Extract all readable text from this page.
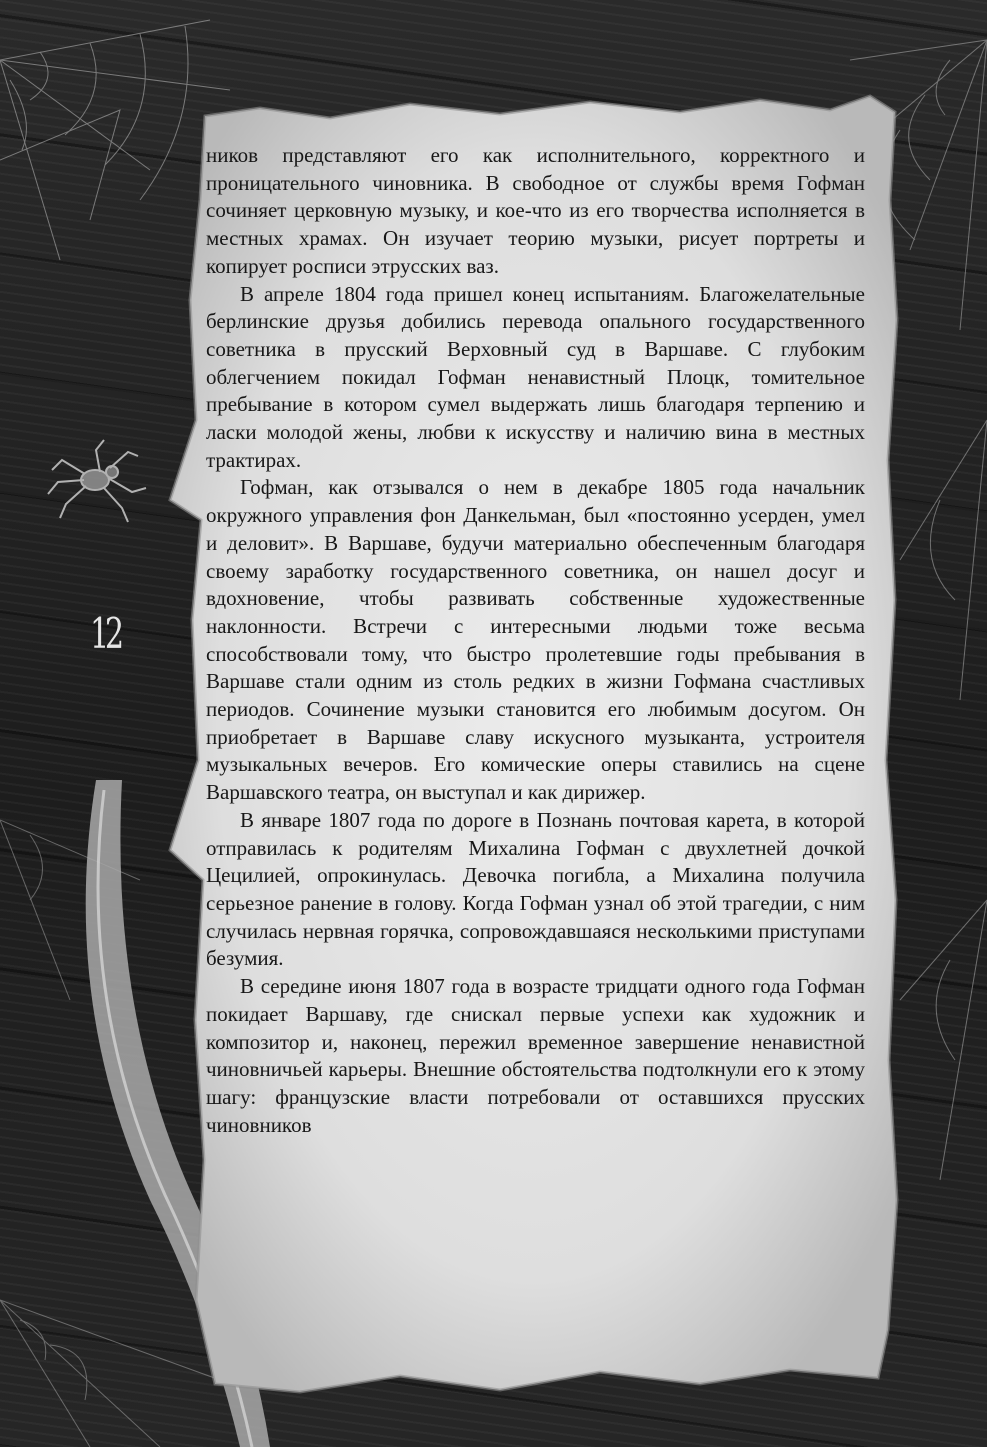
12

ников представляют его как исполнительного, корректного и проницательного чиновника. В свободное от службы время Гофман сочиняет церковную музыку, и кое-что из его творчества исполняется в местных храмах. Он изучает теорию музыки, рисует портреты и копирует росписи этрусских ваз.

В апреле 1804 года пришел конец испытаниям. Благожелательные берлинские друзья добились перевода опального государственного советника в прусский Верховный суд в Варшаве. С глубоким облегчением покидал Гофман ненавистный Плоцк, томительное пребывание в котором сумел выдержать лишь благодаря терпению и ласки молодой жены, любви к искусству и наличию вина в местных трактирах.

Гофман, как отзывался о нем в декабре 1805 года начальник окружного управления фон Данкельман, был «постоянно усерден, умел и деловит». В Варшаве, будучи материально обеспеченным благодаря своему заработку государственного советника, он нашел досуг и вдохновение, чтобы развивать собственные художественные наклонности. Встречи с интересными людьми тоже весьма способствовали тому, что быстро пролетевшие годы пребывания в Варшаве стали одним из столь редких в жизни Гофмана счастливых периодов. Сочинение музыки становится его любимым досугом. Он приобретает в Варшаве славу искусного музыканта, устроителя музыкальных вечеров. Его комические оперы ставились на сцене Варшавского театра, он выступал и как дирижер.

В январе 1807 года по дороге в Познань почтовая карета, в которой отправилась к родителям Михалина Гофман с двухлетней дочкой Цецилией, опрокинулась. Девочка погибла, а Михалина получила серьезное ранение в голову. Когда Гофман узнал об этой трагедии, с ним случилась нервная горячка, сопровождавшаяся несколькими приступами безумия.

В середине июня 1807 года в возрасте тридцати одного года Гофман покидает Варшаву, где снискал первые успехи как художник и композитор и, наконец, пережил временное завершение ненавистной чиновничьей карьеры. Внешние обстоятельства подтолкнули его к этому шагу: французские власти потребовали от оставшихся прусских чиновников
